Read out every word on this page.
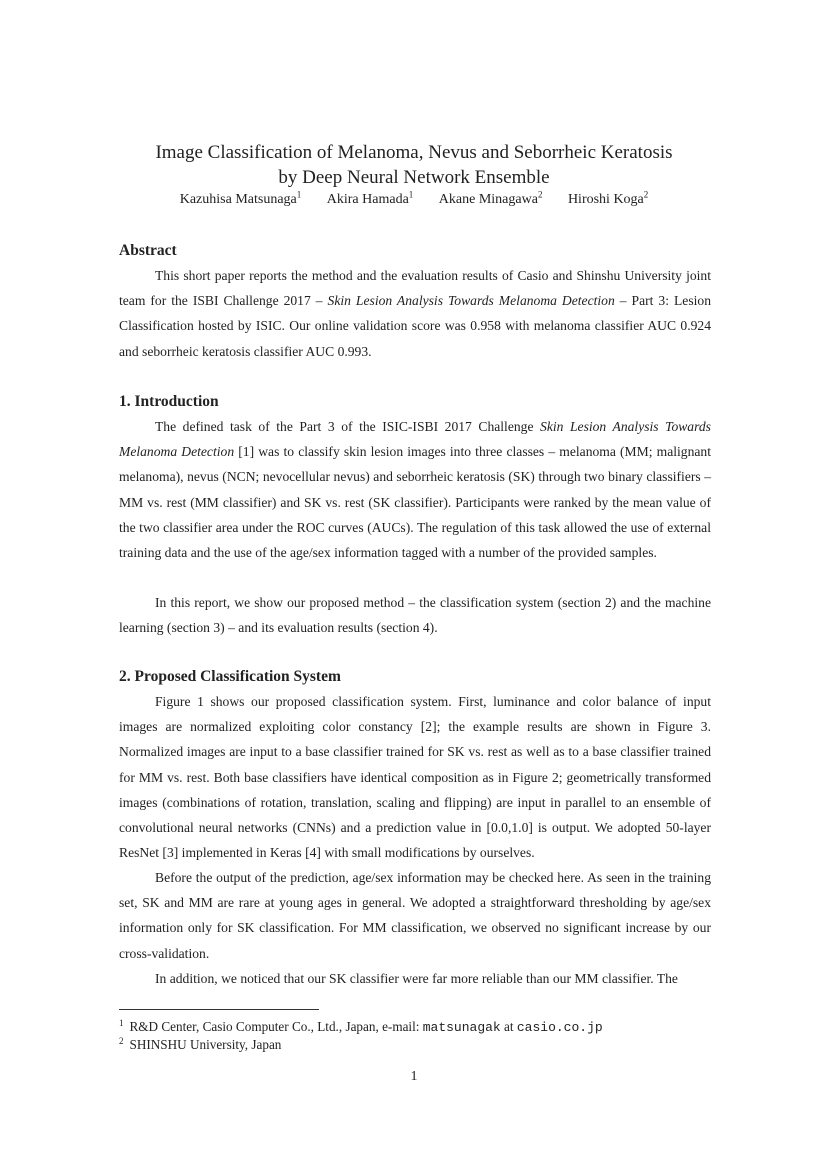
Image Classification of Melanoma, Nevus and Seborrheic Keratosis
by Deep Neural Network Ensemble
Kazuhisa Matsunaga$^1$ Akira Hamada$^1$ Akane Minagawa$^2$ Hiroshi Koga$^2$
Abstract

This short paper reports the method and the evaluation results of Casio and Shinshu University joint team for the ISBI Challenge 2017 – Skin Lesion Analysis Towards Melanoma Detection – Part 3: Lesion Classification hosted by ISIC. Our online validation score was 0.958 with melanoma classifier AUC 0.924 and seborrheic keratosis classifier AUC 0.993.

1. Introduction

The defined task of the Part 3 of the ISIC-ISBI 2017 Challenge Skin Lesion Analysis Towards Melanoma Detection [1] was to classify skin lesion images into three classes – melanoma (MM; malignant melanoma), nevus (NCN; nevocellular nevus) and seborrheic keratosis (SK) through two binary classifiers – MM vs. rest (MM classifier) and SK vs. rest (SK classifier). Participants were ranked by the mean value of the two classifier area under the ROC curves (AUCs). The regulation of this task allowed the use of external training data and the use of the age/sex information tagged with a number of the provided samples.

In this report, we show our proposed method – the classification system (section 2) and the machine learning (section 3) – and its evaluation results (section 4).

2. Proposed Classification System

Figure 1 shows our proposed classification system. First, luminance and color balance of input images are normalized exploiting color constancy [2]; the example results are shown in Figure 3. Normalized images are input to a base classifier trained for SK vs. rest as well as to a base classifier trained for MM vs. rest. Both base classifiers have identical composition as in Figure 2; geometrically transformed images (combinations of rotation, translation, scaling and flipping) are input in parallel to an ensemble of convolutional neural networks (CNNs) and a prediction value in [0.0,1.0] is output. We adopted 50-layer ResNet [3] implemented in Keras [4] with small modifications by ourselves.

Before the output of the prediction, age/sex information may be checked here. As seen in the training set, SK and MM are rare at young ages in general. We adopted a straightforward thresholding by age/sex information only for SK classification. For MM classification, we observed no significant increase by our cross-validation.

In addition, we noticed that our SK classifier were far more reliable than our MM classifier. The

$^1$ R&D Center, Casio Computer Co., Ltd., Japan, e-mail: matsunagak at casio.co.jp
$^2$ SHINSHU University, Japan
1
